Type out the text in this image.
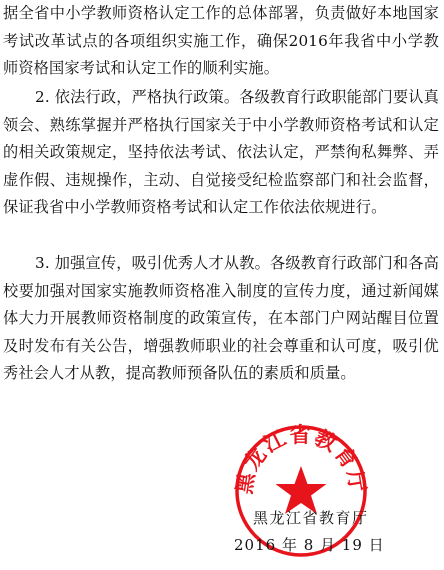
据全省中小学教师资格认定工作的总体部署，负责做好本地国家考试改革试点的各项组织实施工作，确保2016年我省中小学教师资格国家考试和认定工作的顺利实施。

2. 依法行政，严格执行政策。各级教育行政职能部门要认真领会、熟练掌握并严格执行国家关于中小学教师资格考试和认定的相关政策规定，坚持依法考试、依法认定，严禁徇私舞弊、弄虚作假、违规操作，主动、自觉接受纪检监察部门和社会监督，保证我省中小学教师资格考试和认定工作依法依规进行。

3. 加强宣传，吸引优秀人才从教。各级教育行政部门和各高校要加强对国家实施教师资格准入制度的宣传力度，通过新闻媒体大力开展教师资格制度的政策宣传，在本部门户网站醒目位置及时发布有关公告，增强教师职业的社会尊重和认可度，吸引优秀社会人才从教，提高教师预备队伍的素质和质量。

黑龙江省教育厅
黑龙江省教育厅
2016 年 8 月 19 日
